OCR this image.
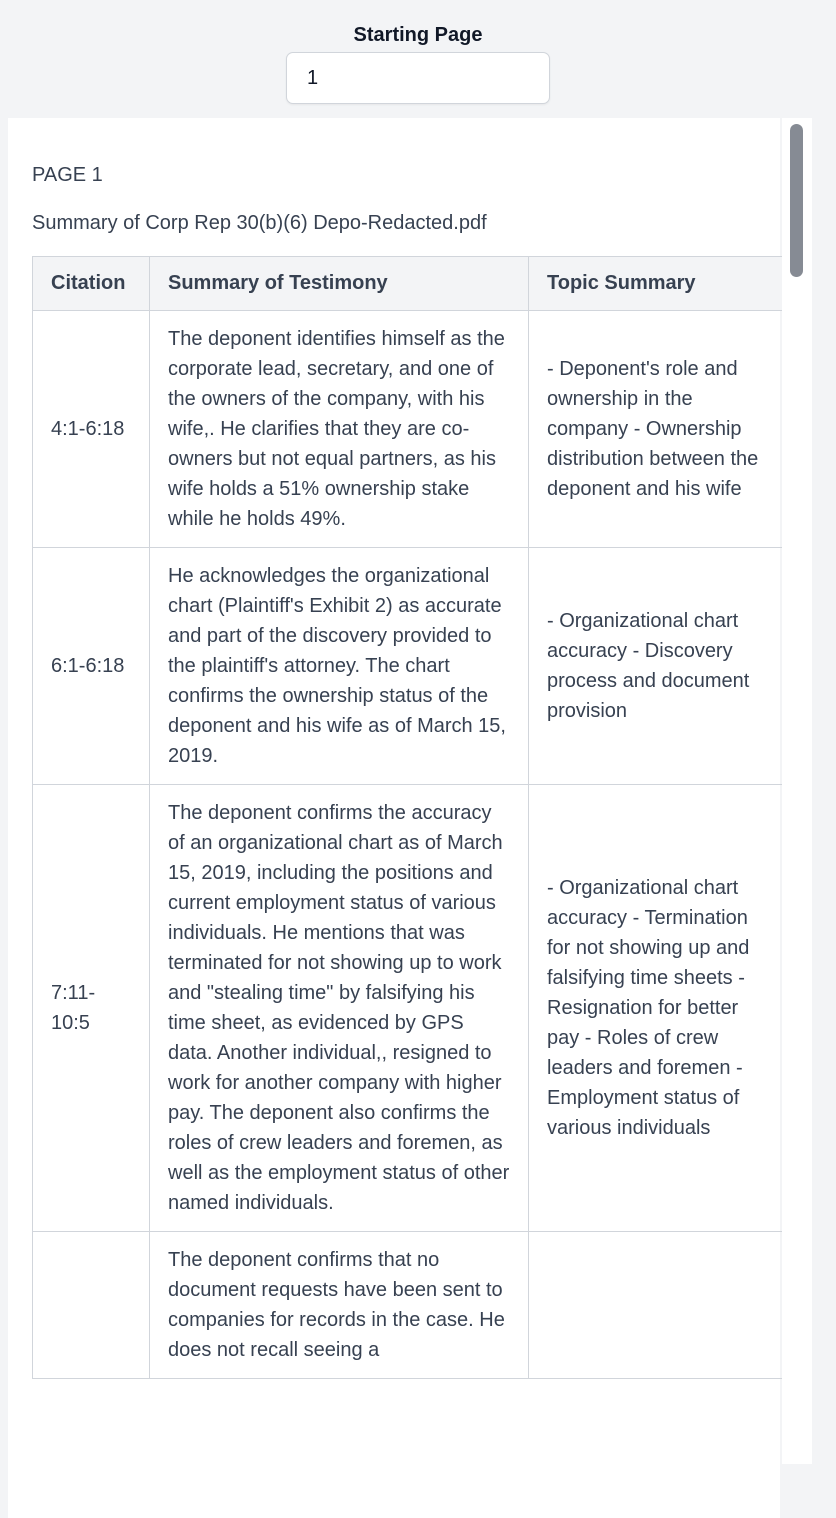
Starting Page
1
PAGE 1
Summary of Corp Rep 30(b)(6) Depo-Redacted.pdf
Citation	Summary of Testimony	Topic Summary
4:1-6:18	The deponent identifies himself as the corporate lead, secretary, and one of the owners of the company, with his wife,. He clarifies that they are co-owners but not equal partners, as his wife holds a 51% ownership stake while he holds 49%.	- Deponent's role and ownership in the company - Ownership distribution between the deponent and his wife
6:1-6:18	He acknowledges the organizational chart (Plaintiff's Exhibit 2) as accurate and part of the discovery provided to the plaintiff's attorney. The chart confirms the ownership status of the deponent and his wife as of March 15, 2019.	- Organizational chart accuracy - Discovery process and document provision
7:11-10:5	The deponent confirms the accuracy of an organizational chart as of March 15, 2019, including the positions and current employment status of various individuals. He mentions that was terminated for not showing up to work and "stealing time" by falsifying his time sheet, as evidenced by GPS data. Another individual,, resigned to work for another company with higher pay. The deponent also confirms the roles of crew leaders and foremen, as well as the employment status of other named individuals.	- Organizational chart accuracy - Termination for not showing up and falsifying time sheets - Resignation for better pay - Roles of crew leaders and foremen - Employment status of various individuals
	The deponent confirms that no document requests have been sent to companies for records in the case. He does not recall seeing a	
